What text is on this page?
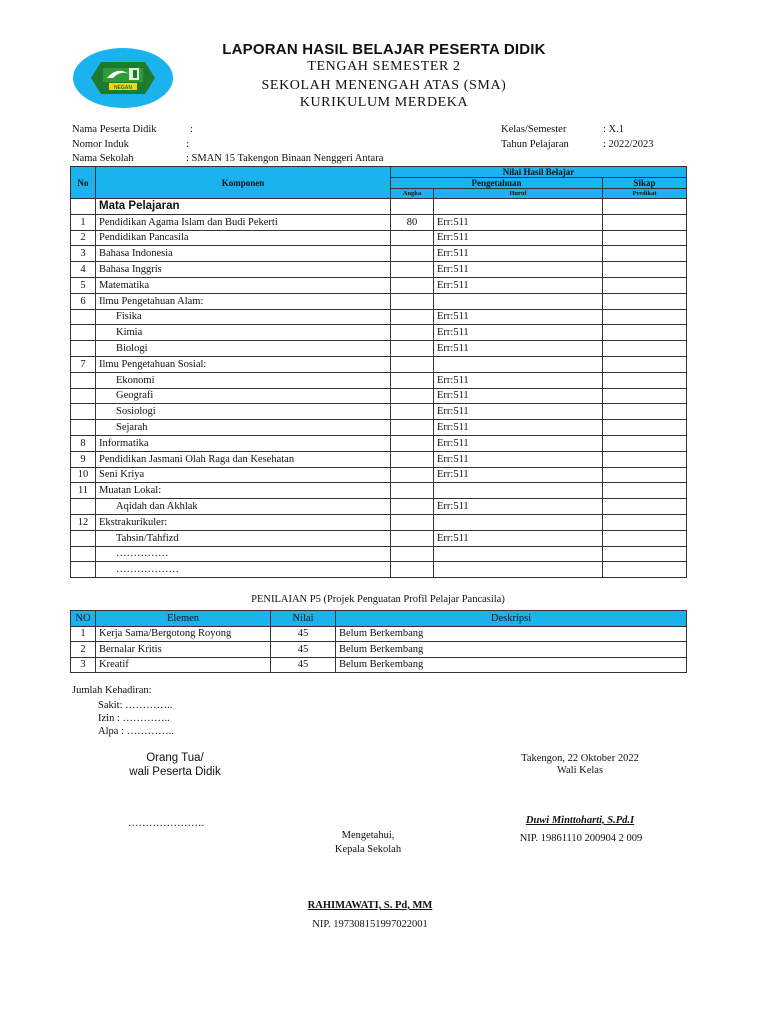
NEGAN
LAPORAN HASIL BELAJAR PESERTA DIDIK
TENGAH SEMESTER 2
SEKOLAH MENENGAH ATAS (SMA)
KURIKULUM MERDEKA
Nama Peserta Didik	:
Nomor Induk	:
Nama Sekolah	: SMAN 15 Takengon Binaan Nenggeri Antara
Kelas/Semester	: X.1
Tahun Pelajaran	: 2022/2023
No	Komponen	Nilai Hasil Belajar		
		Pengetahuan		Sikap
		Angka	Huruf	Predikat
	Mata Pelajaran			
1	Pendidikan Agama Islam dan Budi Pekerti	80	Err:511	
2	Pendidikan Pancasila		Err:511	
3	Bahasa Indonesia		Err:511	
4	Bahasa Inggris		Err:511	
5	Matematika		Err:511	
6	Ilmu Pengetahuan Alam:			
	Fisika		Err:511	
	Kimia		Err:511	
	Biologi		Err:511	
7	Ilmu Pengetahuan Sosial:			
	Ekonomi		Err:511	
	Geografi		Err:511	
	Sosiologi		Err:511	
	Sejarah		Err:511	
8	Informatika		Err:511	
9	Pendidikan Jasmani Olah Raga dan Kesehatan		Err:511	
10	Seni Kriya		Err:511	
11	Muatan Lokal:			
	Aqidah dan Akhlak		Err:511	
12	Ekstrakurikuler:			
	Tahsin/Tahfizd		Err:511	
	……………			
	………………			
PENILAIAN P5 (Projek Penguatan Profil Pelajar Pancasila)
NO	Elemen	Nilai	Deskripsi
1	Kerja Sama/Bergotong Royong	45	Belum Berkembang
2	Bernalar Kritis	45	Belum Berkembang
3	Kreatif	45	Belum Berkembang
Jumlah Kehadiran:
Sakit: …………..
Izin : …………..
Alpa : …………..
Orang Tua/
wali Peserta Didik
………………….
Takengon, 22 Oktober 2022
Wali Kelas
Duwi Minttoharti, S.Pd.I
NIP. 19861110 200904 2 009
Mengetahui,
Kepala Sekolah
RAHIMAWATI, S. Pd, MM
NIP. 197308151997022001
